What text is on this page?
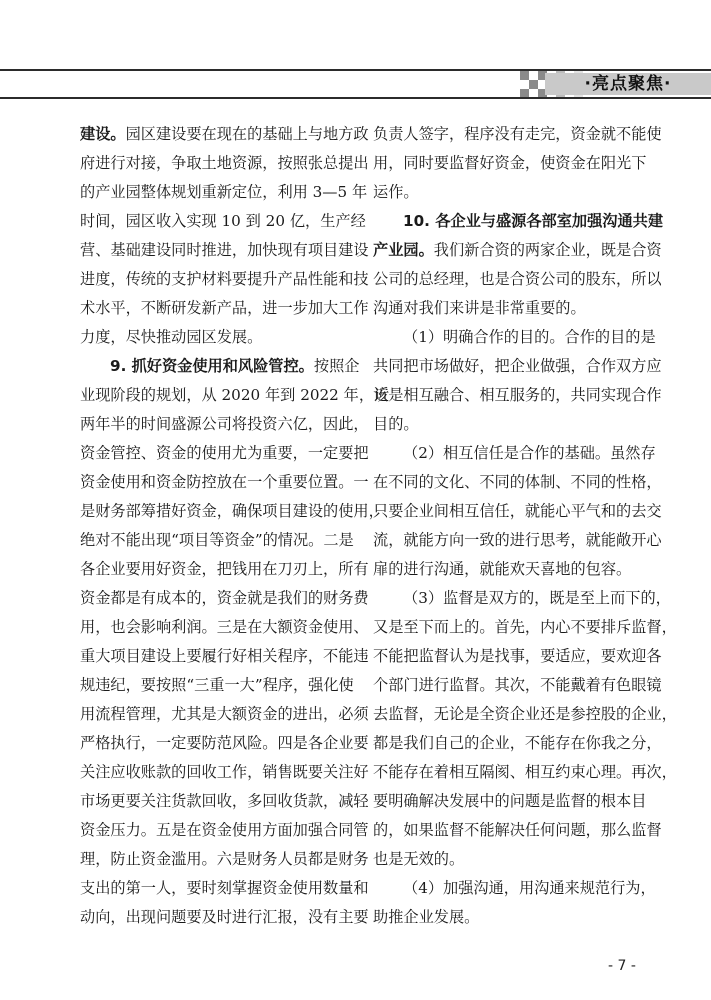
·亮点聚焦·
建设。园区建设要在现在的基础上与地方政
府进行对接，争取土地资源，按照张总提出
的产业园整体规划重新定位，利用 3—5 年
时间，园区收入实现 10 到 20 亿，生产经
营、基础建设同时推进，加快现有项目建设
进度，传统的支护材料要提升产品性能和技
术水平，不断研发新产品，进一步加大工作
力度，尽快推动园区发展。
9. 抓好资金使用和风险管控。按照企
业现阶段的规划，从 2020 年到 2022 年，近
两年半的时间盛源公司将投资六亿，因此，
资金管控、资金的使用尤为重要，一定要把
资金使用和资金防控放在一个重要位置。一
是财务部筹措好资金，确保项目建设的使用，
绝对不能出现“项目等资金”的情况。二是
各企业要用好资金，把钱用在刀刃上，所有
资金都是有成本的，资金就是我们的财务费
用，也会影响利润。三是在大额资金使用、
重大项目建设上要履行好相关程序，不能违
规违纪，要按照“三重一大”程序，强化使
用流程管理，尤其是大额资金的进出，必须
严格执行，一定要防范风险。四是各企业要
关注应收账款的回收工作，销售既要关注好
市场更要关注货款回收，多回收货款，减轻
资金压力。五是在资金使用方面加强合同管
理，防止资金滥用。六是财务人员都是财务
支出的第一人，要时刻掌握资金使用数量和
动向，出现问题要及时进行汇报，没有主要
负责人签字，程序没有走完，资金就不能使
用，同时要监督好资金，使资金在阳光下
运作。
10. 各企业与盛源各部室加强沟通共建
产业园。我们新合资的两家企业，既是合资
公司的总经理，也是合资公司的股东，所以
沟通对我们来讲是非常重要的。
（1）明确合作的目的。合作的目的是
共同把市场做好，把企业做强，合作双方应
该是相互融合、相互服务的，共同实现合作
目的。
（2）相互信任是合作的基础。虽然存
在不同的文化、不同的体制、不同的性格，
只要企业间相互信任，就能心平气和的去交
流，就能方向一致的进行思考，就能敞开心
扉的进行沟通，就能欢天喜地的包容。
（3）监督是双方的，既是至上而下的，
又是至下而上的。首先，内心不要排斥监督，
不能把监督认为是找事，要适应，要欢迎各
个部门进行监督。其次，不能戴着有色眼镜
去监督，无论是全资企业还是参控股的企业，
都是我们自己的企业，不能存在你我之分，
不能存在着相互隔阂、相互约束心理。再次，
要明确解决发展中的问题是监督的根本目
的，如果监督不能解决任何问题，那么监督
也是无效的。
（4）加强沟通，用沟通来规范行为，
助推企业发展。
- 7 -
